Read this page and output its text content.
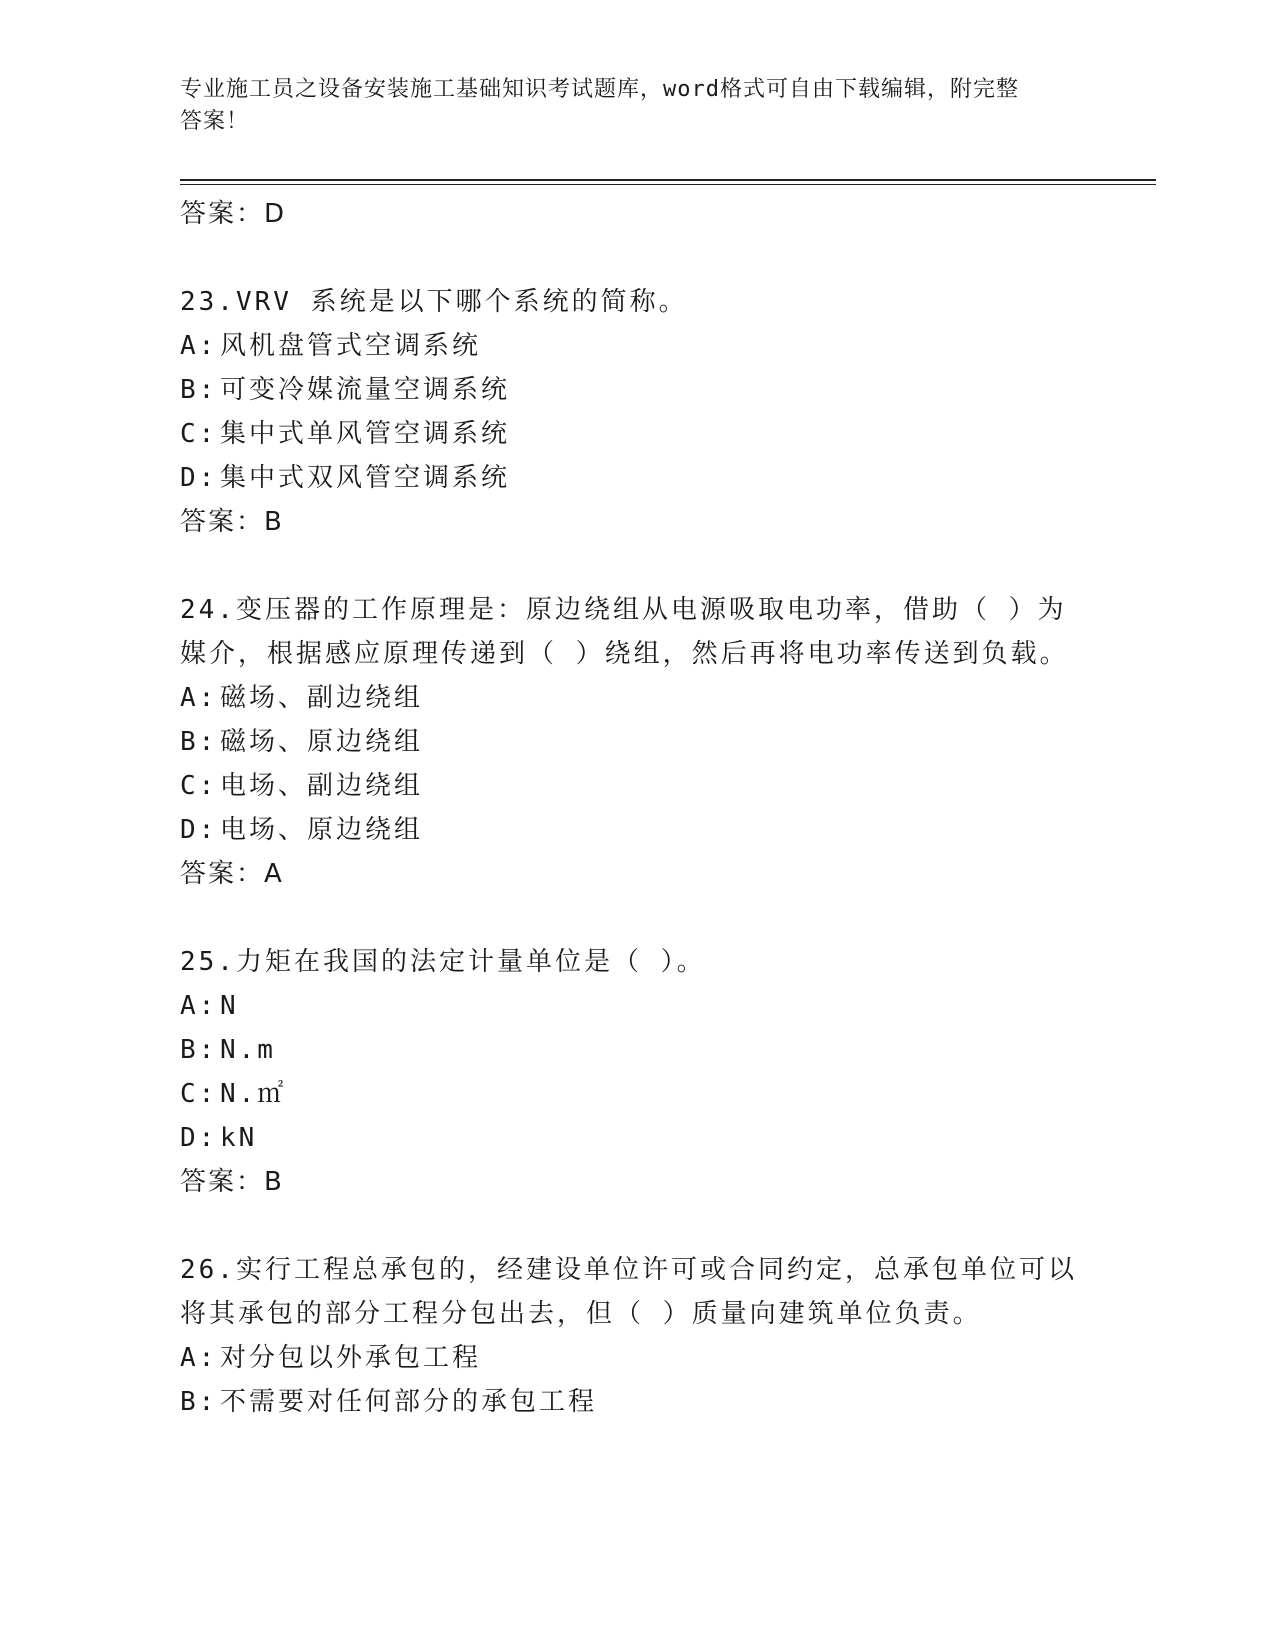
专业施工员之设备安装施工基础知识考试题库，word格式可自由下载编辑，附完整答案！
答案：D
23.VRV 系统是以下哪个系统的简称。
A: 风机盘管式空调系统
B: 可变冷媒流量空调系统
C: 集中式单风管空调系统
D: 集中式双风管空调系统
答案：B
24.变压器的工作原理是：原边绕组从电源吸取电功率，借助（ ）为
媒介，根据感应原理传递到（ ）绕组，然后再将电功率传送到负载。
A: 磁场、副边绕组
B: 磁场、原边绕组
C: 电场、副边绕组
D: 电场、原边绕组
答案：A
25.力矩在我国的法定计量单位是（ ）。
A: N
B: N.m
C: N.㎡
D: kN
答案：B
26.实行工程总承包的，经建设单位许可或合同约定，总承包单位可以
将其承包的部分工程分包出去，但（ ）质量向建筑单位负责。
A: 对分包以外承包工程
B: 不需要对任何部分的承包工程
